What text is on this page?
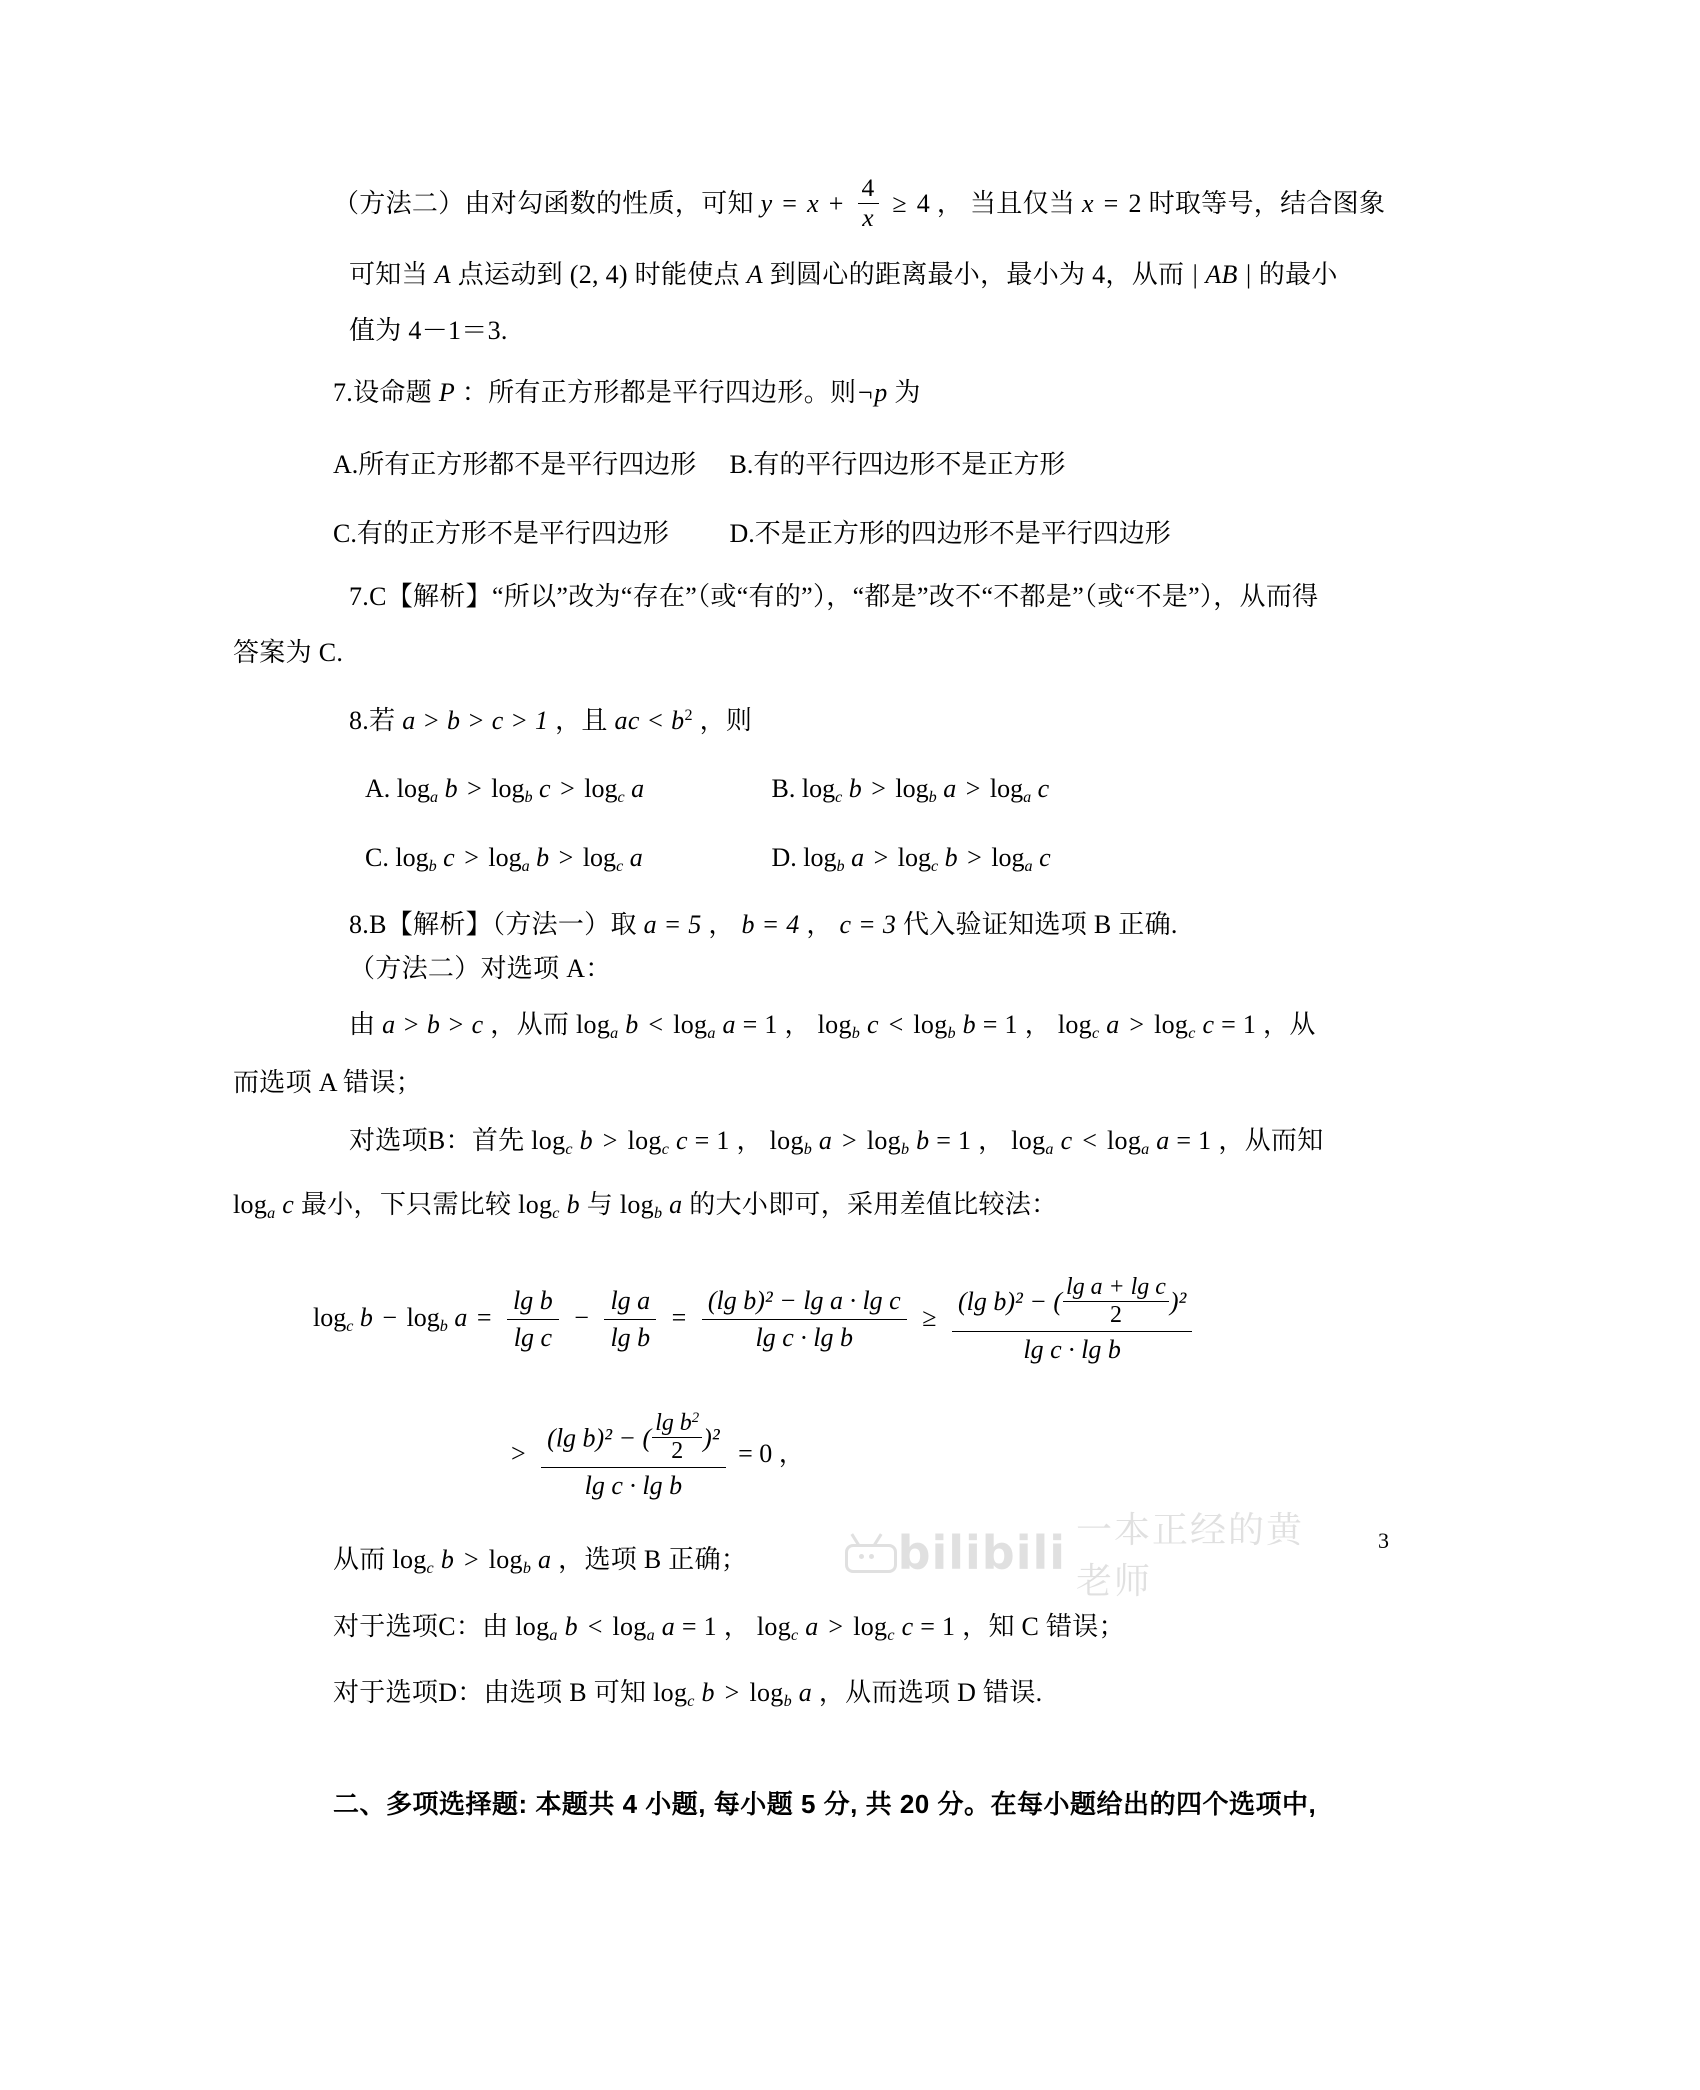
（方法二）由对勾函数的性质，可知 $y = x + \frac{4}{x} \ge 4$ ， 当且仅当 x = 2 时取等号，结合图象
可知当 A 点运动到 (2, 4) 时能使点 A 到圆心的距离最小，最小为 4，从而 | AB | 的最小
值为 4－1＝3.
7.设命题 P ：所有正方形都是平行四边形。则¬p 为
A.所有正方形都不是平行四边形 B.有的平行四边形不是正方形
C.有的正方形不是平行四边形 D.不是正方形的四边形不是平行四边形
7.C【解析】“所以”改为“存在”（或“有的”），“都是”改不“不都是”（或“不是”），从而得
答案为 C.
8.若 a > b > c > 1 ，且 ac < $b^2$ ，则
A. $\log_a b > \log_b c > \log_c a$	B. $\log_c b > \log_b a > \log_a c$
C. $\log_b c > \log_a b > \log_c a$	D. $\log_b a > \log_c b > \log_a c$
8.B【解析】（方法一）取 a = 5 ， b = 4 ， c = 3 代入验证知选项 B 正确.
（方法二）对选项 A：
由 a > b > c ，从而 $\log_a b < \log_a a = 1$ ， $\log_b c < \log_b b = 1$ ， $\log_c a > \log_c c = 1$ ，从
而选项 A 错误；
对选项B：首先 $\log_c b > \log_c c = 1$ ， $\log_b a > \log_b b = 1$ ， $\log_a c < \log_a a = 1$ ，从而知
$\log_a c$ 最小，下只需比较 $\log_c b$ 与 $\log_b a$ 的大小即可，采用差值比较法：
$\log_c b - \log_b a = \frac{\text{lg b}}{\text{lg c}} - \frac{\text{lg a}}{\text{lg b}} = \frac{\text{(lg b)² − lg a · lg c}}{\text{lg c · lg b}} \ge \frac{(\lg b)^2 - ( \frac{\text{lg a + lg c}}{2} )^2}{\text{lg c · lg b}}$
> $\frac{(\lg b)^2 - ( \frac{\lg b^2}{2} )^2}{\text{lg c · lg b}} = 0$ ，
从而 $\log_c b > \log_b a$ ，选项 B 正确；
对于选项C：由 $\log_a b < \log_a a = 1$ ， $\log_c a > \log_c c = 1$ ，知 C 错误；
对于选项D：由选项 B 可知 $\log_c b > \log_b a$ ，从而选项 D 错误.
二、多项选择题: 本题共 4 小题, 每小题 5 分, 共 20 分。在每小题给出的四个选项中,
bilibili 一本正经的黄老师
3
